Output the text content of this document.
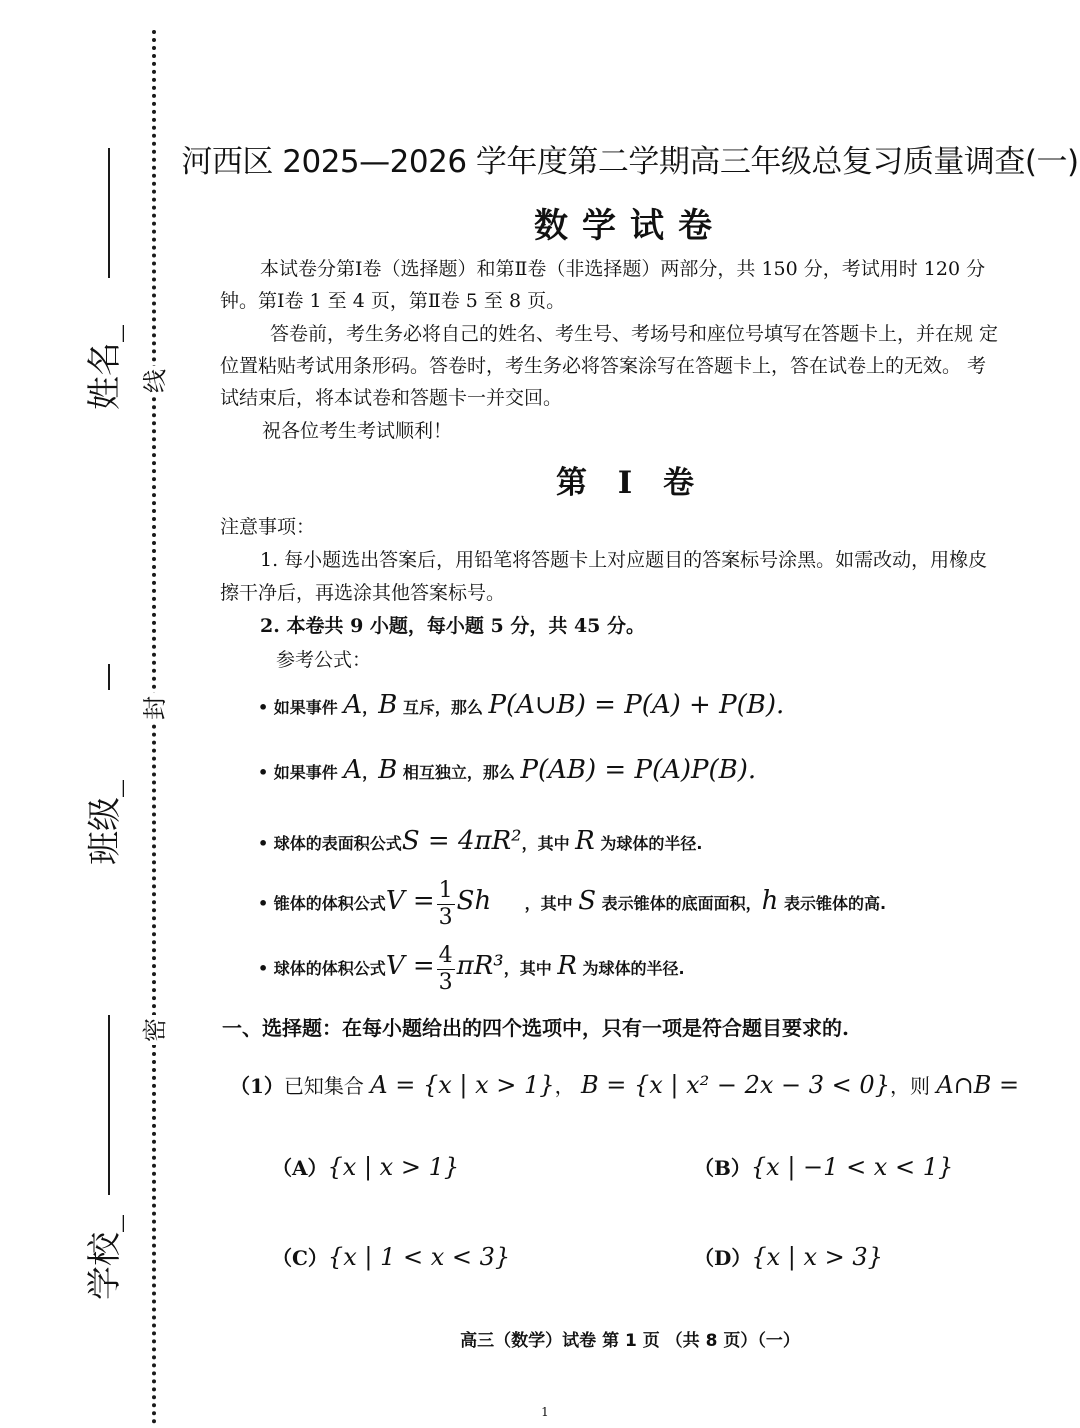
线
封
密
姓名_
班级_
学校_
河西区 2025—2026 学年度第二学期高三年级总复习质量调查(一)
数学试卷
本试卷分第Ⅰ卷（选择题）和第Ⅱ卷（非选择题）两部分，共 150 分，考试用时 120 分
钟。第Ⅰ卷 1 至 4 页，第Ⅱ卷 5 至 8 页。
答卷前，考生务必将自己的姓名、考生号、考场号和座位号填写在答题卡上，并在规 定
位置粘贴考试用条形码。答卷时，考生务必将答案涂写在答题卡上，答在试卷上的无效。 考
试结束后，将本试卷和答题卡一并交回。
祝各位考生考试顺利！
第 Ⅰ 卷
注意事项：
1. 每小题选出答案后，用铅笔将答题卡上对应题目的答案标号涂黑。如需改动，用橡皮
擦干净后，再选涂其他答案标号。
2. 本卷共 9 小题，每小题 5 分，共 45 分。
参考公式：
• 如果事件 A，B 互斥，那么 P(A∪B) = P(A) + P(B).
• 如果事件 A，B 相互独立，那么 P(AB) = P(A)P(B).
• 球体的表面积公式S = 4πR²，其中 R 为球体的半径.
• 锥体的体积公式$V = \frac{1}{3}$ Sh ，其中 S 表示锥体的底面面积，h 表示锥体的高.
• 球体的体积公式$V = \frac{4}{3} \pi R^3$，其中 R 为球体的半径.
一、选择题：在每小题给出的四个选项中，只有一项是符合题目要求的.
（1）已知集合 A = {x | x > 1}， B = {x | x² − 2x − 3 < 0}，则 A∩B =
（A）{x | x > 1}	（B）{x | −1 < x < 1}
（C）{x | 1 < x < 3}	（D）{x | x > 3}
高三（数学）试卷 第 1 页 （共 8 页）（一）
1
